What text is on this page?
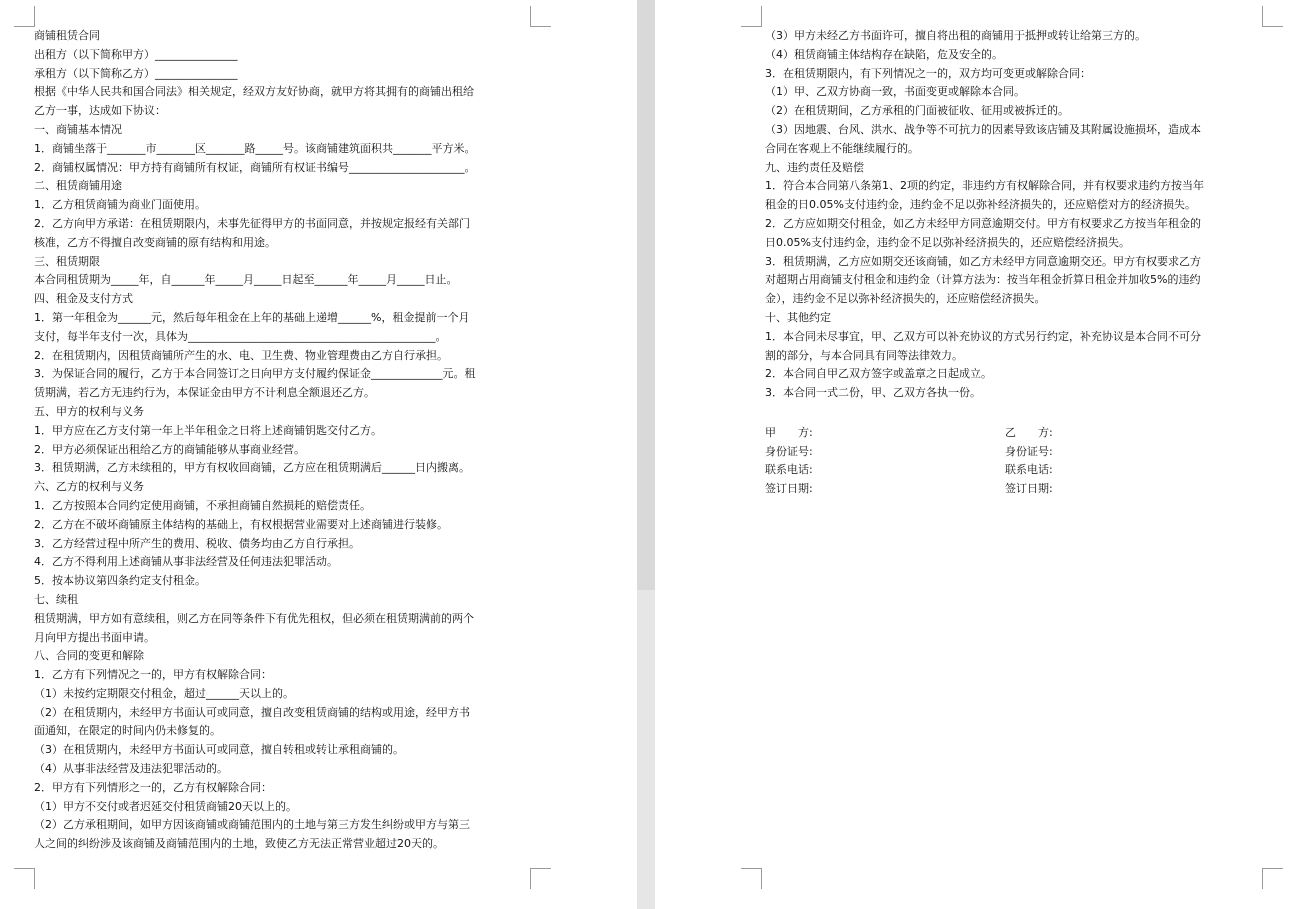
商铺租赁合同

出租方（以下简称甲方）_______________

承租方（以下简称乙方）_______________

根据《中华人民共和国合同法》相关规定，经双方友好协商，就甲方将其拥有的商铺出租给

乙方一事，达成如下协议：

一、商铺基本情况

1．商铺坐落于_______市_______区_______路_____号。该商铺建筑面积共_______平方米。

2．商铺权属情况：甲方持有商铺所有权证，商铺所有权证书编号_____________________。

二、租赁商铺用途

1．乙方租赁商铺为商业门面使用。

2．乙方向甲方承诺：在租赁期限内，未事先征得甲方的书面同意，并按规定报经有关部门

核准，乙方不得擅自改变商铺的原有结构和用途。

三、租赁期限

本合同租赁期为_____年，自______年_____月_____日起至______年_____月_____日止。

四、租金及支付方式

1．第一年租金为______元，然后每年租金在上年的基础上递增______%，租金提前一个月

支付，每半年支付一次，具体为_____________________________________________。

2．在租赁期内，因租赁商铺所产生的水、电、卫生费、物业管理费由乙方自行承担。

3．为保证合同的履行，乙方于本合同签订之日向甲方支付履约保证金_____________元。租

赁期满，若乙方无违约行为，本保证金由甲方不计利息全额退还乙方。

五、甲方的权利与义务

1．甲方应在乙方支付第一年上半年租金之日将上述商铺钥匙交付乙方。

2．甲方必须保证出租给乙方的商铺能够从事商业经营。

3．租赁期满，乙方未续租的，甲方有权收回商铺，乙方应在租赁期满后______日内搬离。

六、乙方的权利与义务

1．乙方按照本合同约定使用商铺，不承担商铺自然损耗的赔偿责任。

2．乙方在不破坏商铺原主体结构的基础上，有权根据营业需要对上述商铺进行装修。

3．乙方经营过程中所产生的费用、税收、债务均由乙方自行承担。

4．乙方不得利用上述商铺从事非法经营及任何违法犯罪活动。

5．按本协议第四条约定支付租金。

七、续租

租赁期满，甲方如有意续租，则乙方在同等条件下有优先租权，但必须在租赁期满前的两个

月向甲方提出书面申请。

八、合同的变更和解除

1．乙方有下列情况之一的，甲方有权解除合同：

（1）未按约定期限交付租金，超过______天以上的。

（2）在租赁期内，未经甲方书面认可或同意，擅自改变租赁商铺的结构或用途，经甲方书

面通知，在限定的时间内仍未修复的。

（3）在租赁期内，未经甲方书面认可或同意，擅自转租或转让承租商铺的。

（4）从事非法经营及违法犯罪活动的。

2．甲方有下列情形之一的，乙方有权解除合同：

（1）甲方不交付或者迟延交付租赁商铺20天以上的。

（2）乙方承租期间，如甲方因该商铺或商铺范围内的土地与第三方发生纠纷或甲方与第三

人之间的纠纷涉及该商铺及商铺范围内的土地，致使乙方无法正常营业超过20天的。

（3）甲方未经乙方书面许可，擅自将出租的商铺用于抵押或转让给第三方的。

（4）租赁商铺主体结构存在缺陷，危及安全的。

3．在租赁期限内，有下列情况之一的，双方均可变更或解除合同：

（1）甲、乙双方协商一致，书面变更或解除本合同。

（2）在租赁期间，乙方承租的门面被征收、征用或被拆迁的。

（3）因地震、台风、洪水、战争等不可抗力的因素导致该店铺及其附属设施损坏，造成本

合同在客观上不能继续履行的。

九、违约责任及赔偿

1．符合本合同第八条第1、2项的约定，非违约方有权解除合同，并有权要求违约方按当年

租金的日0.05%支付违约金，违约金不足以弥补经济损失的，还应赔偿对方的经济损失。

2．乙方应如期交付租金，如乙方未经甲方同意逾期交付。甲方有权要求乙方按当年租金的

日0.05%支付违约金，违约金不足以弥补经济损失的，还应赔偿经济损失。

3．租赁期满，乙方应如期交还该商铺，如乙方未经甲方同意逾期交还。甲方有权要求乙方

对超期占用商铺支付租金和违约金（计算方法为：按当年租金折算日租金并加收5%的违约

金），违约金不足以弥补经济损失的，还应赔偿经济损失。

十、其他约定

1．本合同未尽事宜，甲、乙双方可以补充协议的方式另行约定，补充协议是本合同不可分

割的部分，与本合同具有同等法律效力。

2．本合同自甲乙双方签字或盖章之日起成立。

3．本合同一式二份，甲、乙双方各执一份。

甲　　方:

身份证号:

联系电话:

签订日期:

乙　　方:

身份证号:

联系电话:

签订日期:
